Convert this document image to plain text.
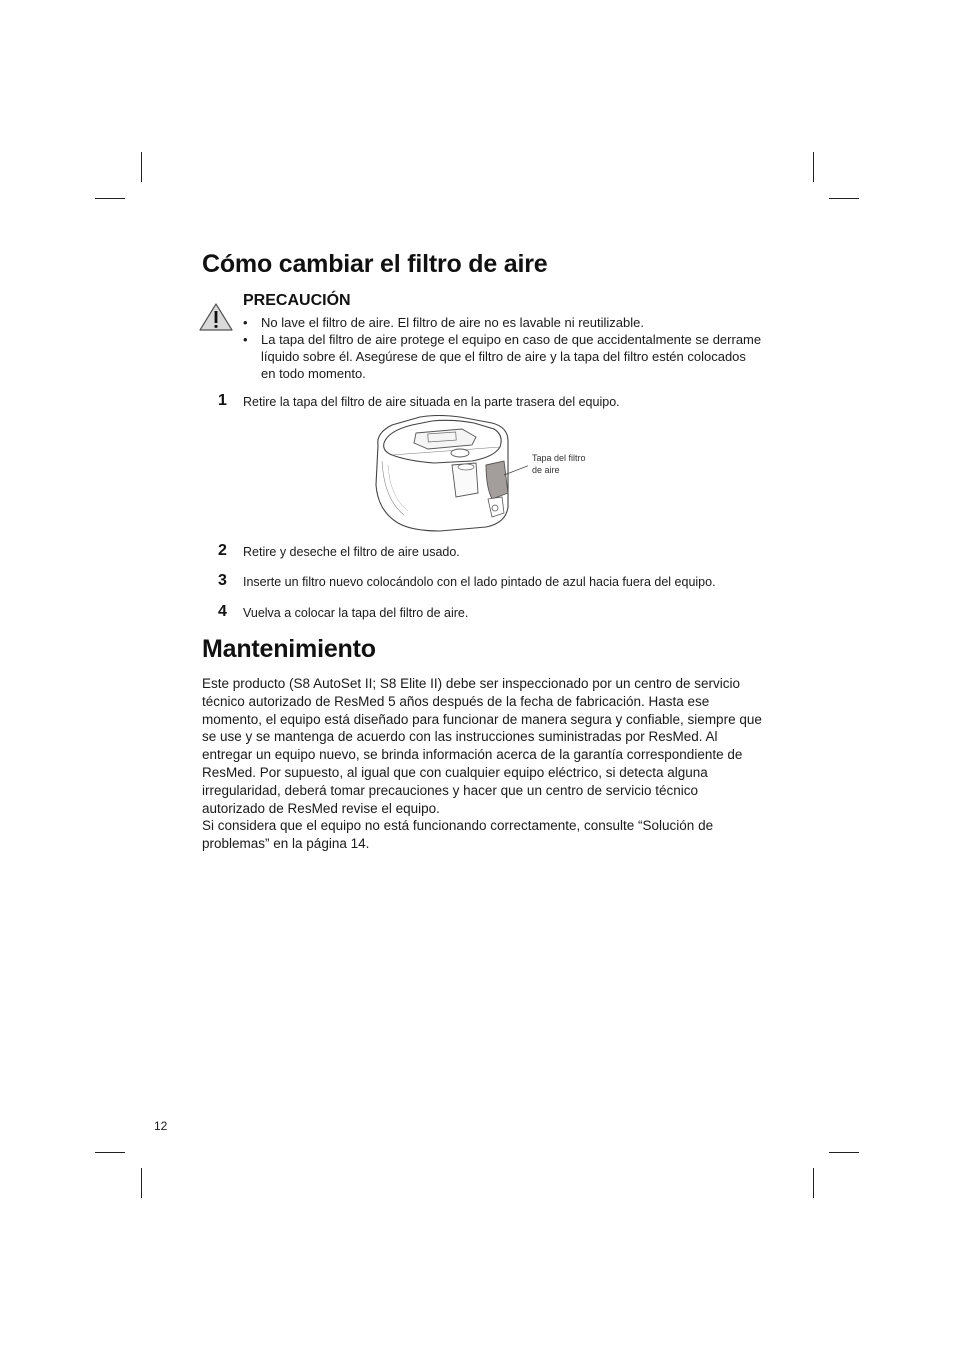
Cómo cambiar el filtro de aire
PRECAUCIÓN
• No lave el filtro de aire. El filtro de aire no es lavable ni reutilizable.
• La tapa del filtro de aire protege el equipo en caso de que accidentalmente se derrame líquido sobre él. Asegúrese de que el filtro de aire y la tapa del filtro estén colocados en todo momento.
1 Retire la tapa del filtro de aire situada en la parte trasera del equipo.
Tapa del filtro
de aire
2 Retire y deseche el filtro de aire usado.
3 Inserte un filtro nuevo colocándolo con el lado pintado de azul hacia fuera del equipo.
4 Vuelva a colocar la tapa del filtro de aire.
Mantenimiento
Este producto (S8 AutoSet II; S8 Elite II) debe ser inspeccionado por un centro de servicio técnico autorizado de ResMed 5 años después de la fecha de fabricación. Hasta ese momento, el equipo está diseñado para funcionar de manera segura y confiable, siempre que se use y se mantenga de acuerdo con las instrucciones suministradas por ResMed. Al entregar un equipo nuevo, se brinda información acerca de la garantía correspondiente de ResMed. Por supuesto, al igual que con cualquier equipo eléctrico, si detecta alguna irregularidad, deberá tomar precauciones y hacer que un centro de servicio técnico autorizado de ResMed revise el equipo.
Si considera que el equipo no está funcionando correctamente, consulte “Solución de problemas” en la página 14.
12
